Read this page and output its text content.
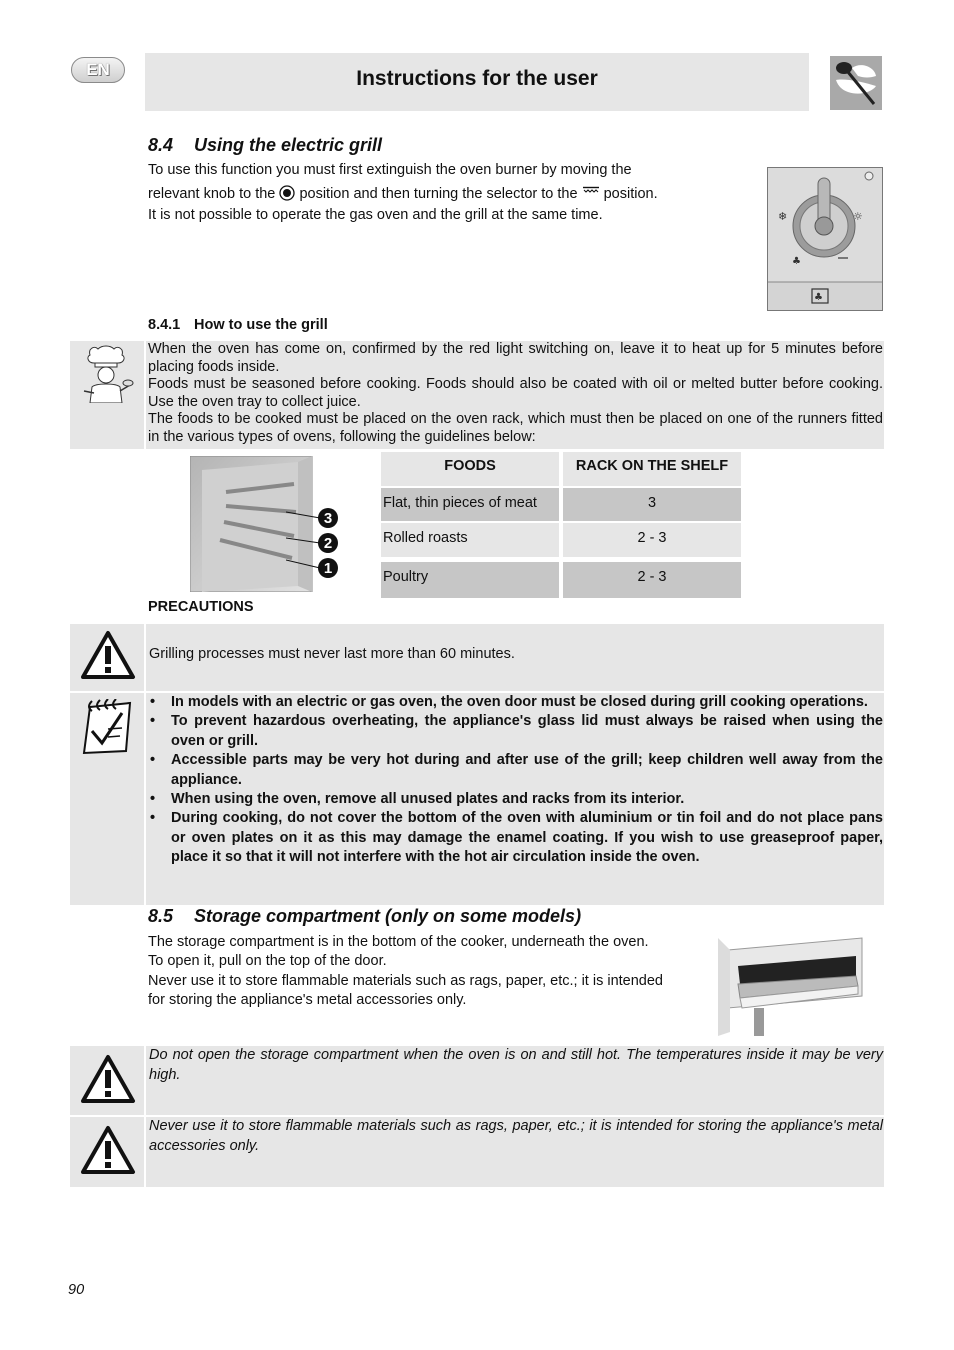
EN	Instructions for the user
8.4 Using the electric grill

To use this function you must first extinguish the oven burner by moving the

relevant knob to the position and then turning the selector to the position.

It is not possible to operate the gas oven and the grill at the same time.	❄	☼
♣
♣
8.4.1 How to use the grill

When the oven has come on, confirmed by the red light switching on, leave it to heat up for 5 minutes before placing foods inside.

Foods must be seasoned before cooking. Foods should also be coated with oil or melted butter before cooking. Use the oven tray to collect juice.

The foods to be cooked must be placed on the oven rack, which must then be placed on one of the runners fitted in the various types of ovens, following the guidelines below:

3
2
1
FOODS	RACK ON THE SHELF
Flat, thin pieces of meat	3
Rolled roasts	2 - 3
Poultry	2 - 3
PRECAUTIONS
Grilling processes must never last more than 60 minutes.
• In models with an electric or gas oven, the oven door must be closed during grill cooking operations.
• To prevent hazardous overheating, the appliance's glass lid must always be raised when using the oven or grill.
• Accessible parts may be very hot during and after use of the grill; keep children well away from the appliance.
• When using the oven, remove all unused plates and racks from its interior.
• During cooking, do not cover the bottom of the oven with aluminium or tin foil and do not place pans or oven plates on it as this may damage the enamel coating. If you wish to use greaseproof paper, place it so that it will not interfere with the hot air circulation inside the oven.
8.5 Storage compartment (only on some models)

The storage compartment is in the bottom of the cooker, underneath the oven.

To open it, pull on the top of the door.

Never use it to store flammable materials such as rags, paper, etc.; it is intended

for storing the appliance's metal accessories only.

Do not open the storage compartment when the oven is on and still hot. The temperatures inside it may be very high.
Never use it to store flammable materials such as rags, paper, etc.; it is intended for storing the appliance's metal accessories only.
90
